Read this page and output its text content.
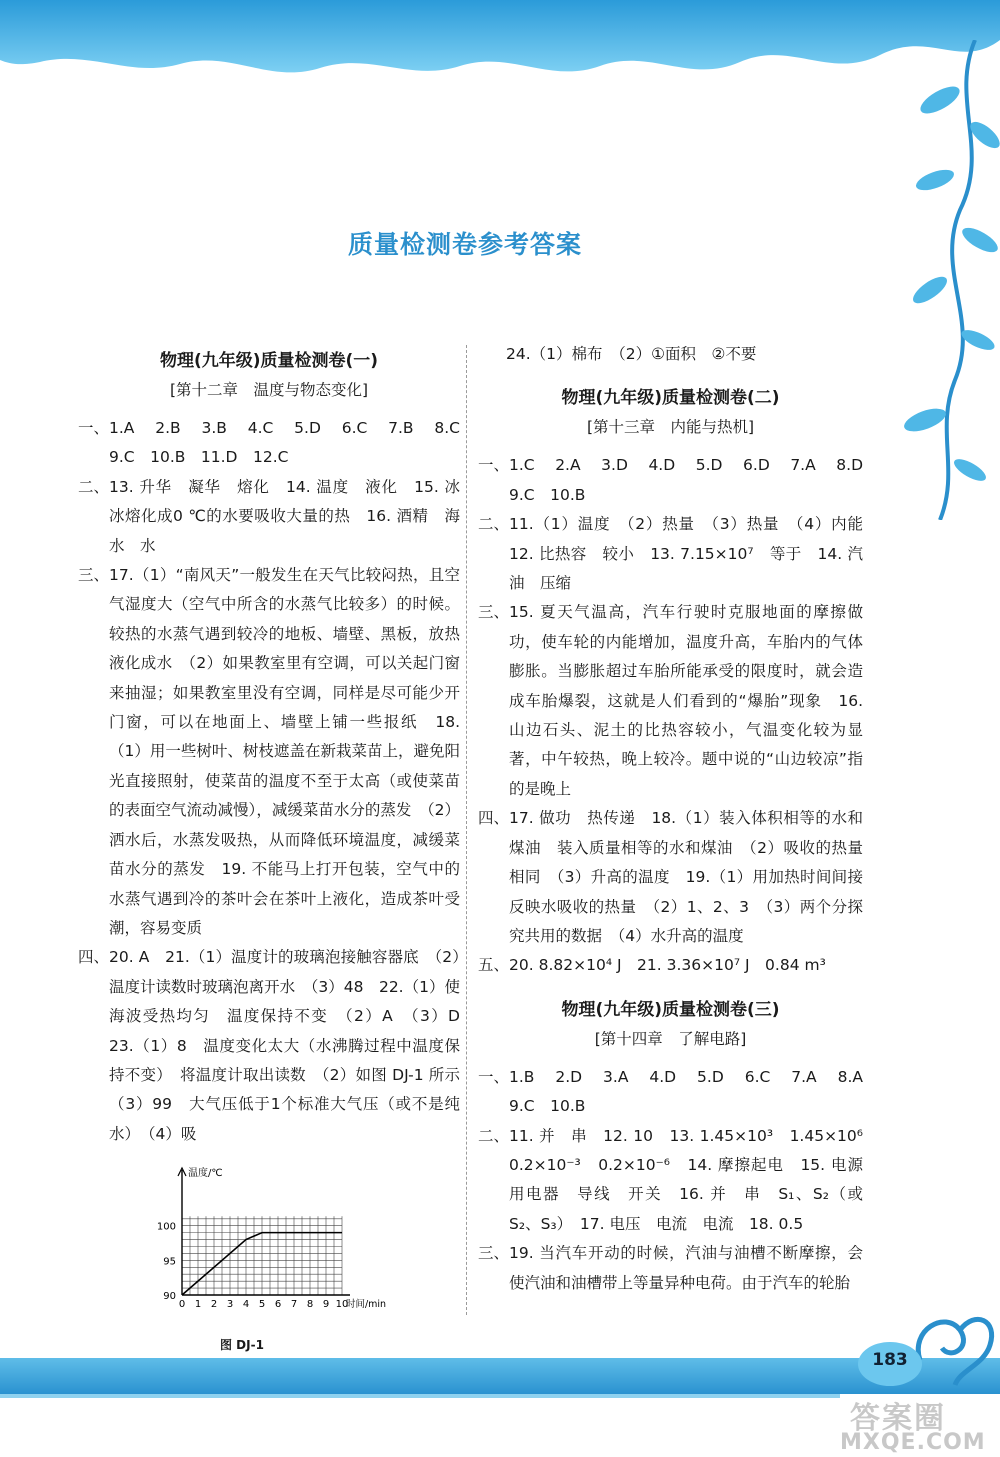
质量检测卷参考答案
物理(九年级)质量检测卷(一)
[第十二章　温度与物态变化]
一、 1.A　2.B　3.B　4.C　5.D　6.C　7.B　8.C　9.C　10.B　11.D　12.C
二、 13. 升华　凝华　熔化　14. 温度　液化　15. 冰　冰熔化成0 ℃的水要吸收大量的热　16. 酒精　海水　水
三、 17.（1）“南风天”一般发生在天气比较闷热，且空气湿度大（空气中所含的水蒸气比较多）的时候。较热的水蒸气遇到较冷的地板、墙壁、黑板，放热液化成水　（2）如果教室里有空调，可以关起门窗来抽湿；如果教室里没有空调，同样是尽可能少开门窗，可以在地面上、墙壁上铺一些报纸　18.（1）用一些树叶、树枝遮盖在新栽菜苗上，避免阳光直接照射，使菜苗的温度不至于太高（或使菜苗的表面空气流动减慢），减缓菜苗水分的蒸发　（2）洒水后，水蒸发吸热，从而降低环境温度，减缓菜苗水分的蒸发　19. 不能马上打开包装，空气中的水蒸气遇到冷的茶叶会在茶叶上液化，造成茶叶受潮，容易变质
四、 20. A　21.（1）温度计的玻璃泡接触容器底　（2）温度计读数时玻璃泡离开水　（3）48　22.（1）使海波受热均匀　温度保持不变　（2）A　（3）D　23.（1）8　温度变化太大（水沸腾过程中温度保持不变）　将温度计取出读数　（2）如图 DJ-1 所示　（3）99　大气压低于1个标准大气压（或不是纯水）　（4）吸
90
95
100
0 1 2 3 4 5 6 7 8 9 10
时间/min
温度/℃
图 DJ-1
24.（1）棉布　（2）①面积　②不要
物理(九年级)质量检测卷(二)
[第十三章　内能与热机]
一、 1.C　2.A　3.D　4.D　5.D　6.D　7.A　8.D　9.C　10.B
二、 11.（1）温度　（2）热量　（3）热量　（4）内能　12. 比热容　较小　13. 7.15×10⁷　等于　14. 汽油　压缩
三、 15. 夏天气温高，汽车行驶时克服地面的摩擦做功，使车轮的内能增加，温度升高，车胎内的气体膨胀。当膨胀超过车胎所能承受的限度时，就会造成车胎爆裂，这就是人们看到的“爆胎”现象　16. 山边石头、泥土的比热容较小，气温变化较为显著，中午较热，晚上较冷。题中说的“山边较凉”指的是晚上
四、 17. 做功　热传递　18.（1）装入体积相等的水和煤油　装入质量相等的水和煤油　（2）吸收的热量相同　（3）升高的温度　19.（1）用加热时间间接反映水吸收的热量　（2）1、2、3　（3）两个分探究共用的数据　（4）水升高的温度
五、 20. 8.82×10⁴ J　21. 3.36×10⁷ J　0.84 m³
物理(九年级)质量检测卷(三)
[第十四章　了解电路]
一、 1.B　2.D　3.A　4.D　5.D　6.C　7.A　8.A　9.C　10.B
二、 11. 并　串　12. 10　13. 1.45×10³　1.45×10⁶　0.2×10⁻³　0.2×10⁻⁶　14. 摩擦起电　15. 电源　用电器　导线　开关　16. 并　串　S₁、S₂（或S₂、S₃）　17. 电压　电流　电流　18. 0.5
三、 19. 当汽车开动的时候，汽油与油槽不断摩擦，会使汽油和油槽带上等量异种电荷。由于汽车的轮胎
183
答案圈
MXQE.COM
